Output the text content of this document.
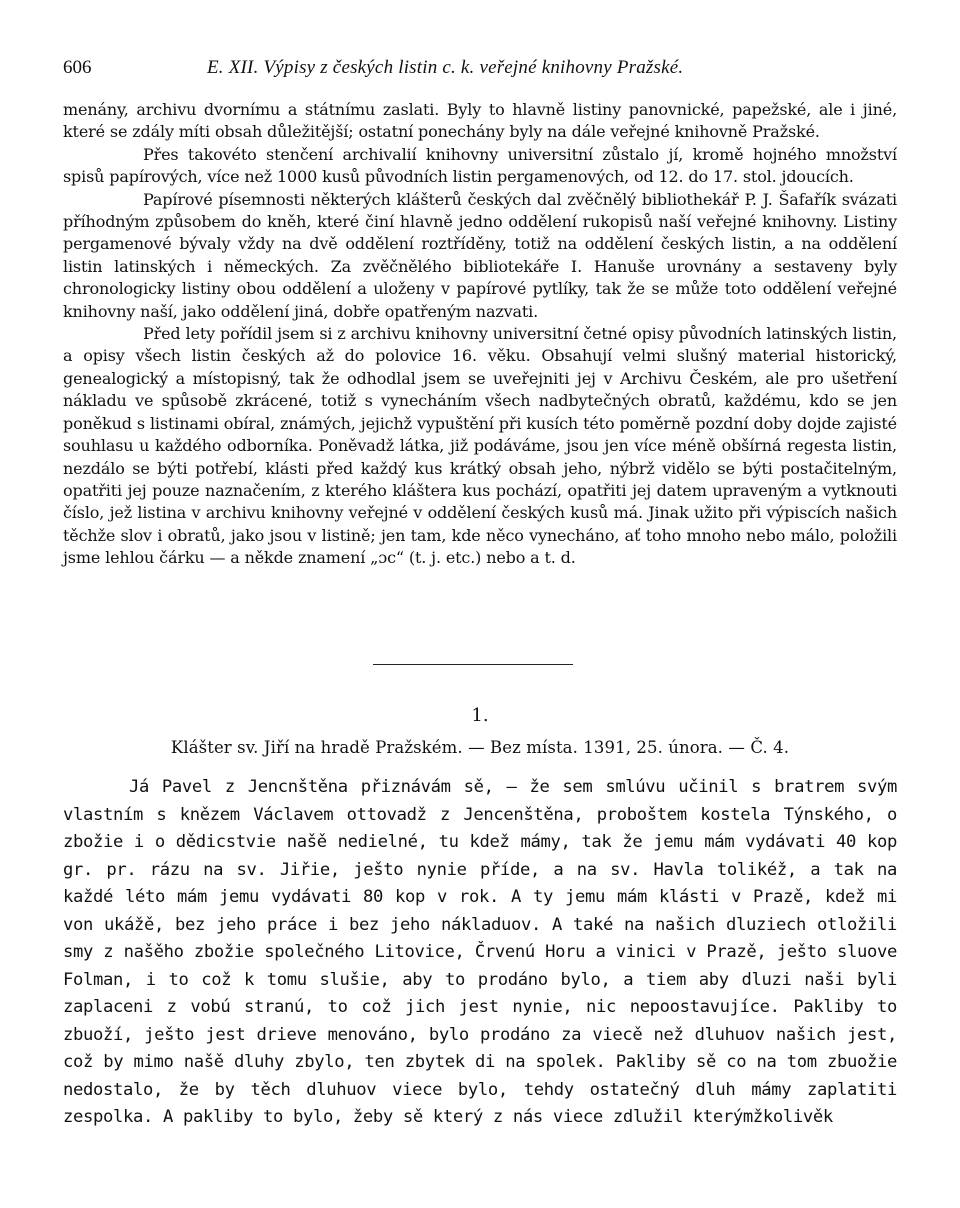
606	E. XII. Výpisy z českých listin c. k. veřejné knihovny Pražské.

menány, archivu dvornímu a státnímu zaslati. Byly to hlavně listiny panovnické, papežské, ale i jiné, které se zdály míti obsah důležitější; ostatní ponechány byly na dále veřejné knihovně Pražské.

Přes takovéto stenčení archivalií knihovny universitní zůstalo jí, kromě hojného množství spisů papírových, více než 1000 kusů původních listin pergamenových, od 12. do 17. stol. jdoucích.

Papírové písemnosti některých klášterů českých dal zvěčnělý bibliothekář P. J. Šafařík svázati příhodným způsobem do kněh, které činí hlavně jedno oddělení rukopisů naší veřejné knihovny. Listiny pergamenové bývaly vždy na dvě oddělení roztříděny, totiž na oddělení českých listin, a na oddělení listin latinských i německých. Za zvěčnělého bibliotekáře I. Hanuše urovnány a sestaveny byly chronologicky listiny obou oddělení a uloženy v papírové pytlíky, tak že se může toto oddělení veřejné knihovny naší, jako oddělení jiná, dobře opatřeným nazvati.

Před lety pořídil jsem si z archivu knihovny universitní četné opisy původních latinských listin, a opisy všech listin českých až do polovice 16. věku. Obsahují velmi slušný material historický, genealogický a místopisný, tak že odhodlal jsem se uveřejniti jej v Archivu Českém, ale pro ušetření nákladu ve spůsobě zkrácené, totiž s vynecháním všech nadbytečných obratů, každému, kdo se jen poněkud s listinami obíral, známých, jejichž vypuštění při kusích této poměrně pozdní doby dojde zajisté souhlasu u každého odborníka. Poněvadž látka, již podáváme, jsou jen více méně obšírná regesta listin, nezdálo se býti potřebí, klásti před každý kus krátký obsah jeho, nýbrž vidělo se býti postačitelným, opatřiti jej pouze naznačením, z kterého kláštera kus pochází, opatřiti jej datem upraveným a vytknouti číslo, jež listina v archivu knihovny veřejné v oddělení českých kusů má. Jinak užito při výpiscích našich těchže slov i obratů, jako jsou v listině; jen tam, kde něco vynecháno, ať toho mnoho nebo málo, položili jsme lehlou čárku — a někde znamení „ɔc“ (t. j. etc.) nebo a t. d.

1.
Klášter sv. Jiří na hradě Pražském. — Bez místa. 1391, 25. února. — Č. 4.

Já Pavel z Jencnštěna přiznávám sě, — že sem smlúvu učinil s bratrem svým vlastním s knězem Václavem ottovadž z Jencenštěna, proboštem kostela Týnského, o zbožie i o dědicstvie našě nedielné, tu kdež mámy, tak že jemu mám vydávati 40 kop gr. pr. rázu na sv. Jiřie, ješto nynie příde, a na sv. Havla tolikéž, a tak na každé léto mám jemu vydávati 80 kop v rok. A ty jemu mám klásti v Prazě, kdež mi von ukážě, bez jeho práce i bez jeho nákladuov. A také na našich dluziech otložili smy z našěho zbožie společného Litovice, Črvenú Horu a vinici v Prazě, ješto sluove Folman, i to což k tomu slušie, aby to prodáno bylo, a tiem aby dluzi naši byli zaplaceni z vobú stranú, to což jich jest nynie, nic nepoostavujíce. Pakliby to zbuoží, ješto jest drieve menováno, bylo prodáno za viecě než dluhuov našich jest, což by mimo našě dluhy zbylo, ten zbytek di na spolek. Pakliby sě co na tom zbuožie nedostalo, že by těch dluhuov viece bylo, tehdy ostatečný dluh mámy zaplatiti zespolka. A pakliby to bylo, žeby sě který z nás viece zdlužil kterýmžkolivěk
